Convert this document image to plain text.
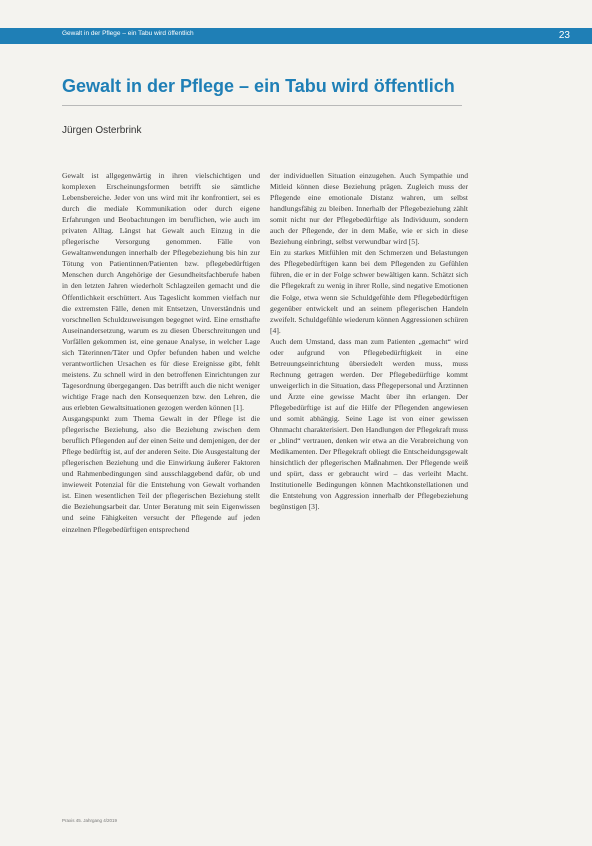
Gewalt in der Pflege – ein Tabu wird öffentlich	23
Gewalt in der Pflege – ein Tabu wird öffentlich
Jürgen Osterbrink

Gewalt ist allgegenwärtig in ihren vielschichtigen und komplexen Erscheinungsformen betrifft sie sämtliche Lebensbereiche. Jeder von uns wird mit ihr konfrontiert, sei es durch die mediale Kommunikation oder durch eigene Erfahrungen und Beobachtungen im beruflichen, wie auch im privaten Alltag. Längst hat Gewalt auch Einzug in die pflegerische Versorgung genommen. Fälle von Gewaltanwendungen innerhalb der Pflegebeziehung bis hin zur Tötung von Patientinnen/Patienten bzw. pflegebedürftigen Menschen durch Angehörige der Gesundheitsfachberufe haben in den letzten Jahren wiederholt Schlagzeilen gemacht und die Öffentlichkeit erschüttert. Aus Tageslicht kommen vielfach nur die extremsten Fälle, denen mit Entsetzen, Unverständnis und vorschnellen Schuldzuweisungen begegnet wird. Eine ernsthafte Auseinandersetzung, warum es zu diesen Überschreitungen und Vorfällen gekommen ist, eine genaue Analyse, in welcher Lage sich Täterinnen/Täter und Opfer befunden haben und welche verantwortlichen Ursachen es für diese Ereignisse gibt, fehlt meistens. Zu schnell wird in den betroffenen Einrichtungen zur Tagesordnung übergegangen. Das betrifft auch die nicht weniger wichtige Frage nach den Konsequenzen bzw. den Lehren, die aus erlebten Gewaltsituationen gezogen werden können [1].

Ausgangspunkt zum Thema Gewalt in der Pflege ist die pflegerische Beziehung, also die Beziehung zwischen dem beruflich Pflegenden auf der einen Seite und demjenigen, der der Pflege bedürftig ist, auf der anderen Seite. Die Ausgestaltung der pflegerischen Beziehung und die Einwirkung äußerer Faktoren und Rahmenbedingungen sind ausschlaggebend dafür, ob und inwieweit Potenzial für die Entstehung von Gewalt vorhanden ist. Einen wesentlichen Teil der pflegerischen Beziehung stellt die Beziehungsarbeit dar. Unter Beratung mit sein Eigenwissen und seine Fähigkeiten versucht der Pflegende auf jeden einzelnen Pflegebedürftigen entsprechend

der individuellen Situation einzugehen. Auch Sympathie und Mitleid können diese Beziehung prägen. Zugleich muss der Pflegende eine emotionale Distanz wahren, um selbst handlungsfähig zu bleiben. Innerhalb der Pflegebeziehung zählt somit nicht nur der Pflegebedürftige als Individuum, sondern auch der Pflegende, der in dem Maße, wie er sich in diese Beziehung einbringt, selbst verwundbar wird [5].

Ein zu starkes Mitfühlen mit den Schmerzen und Belastungen des Pflegebedürftigen kann bei dem Pflegenden zu Gefühlen führen, die er in der Folge schwer bewältigen kann. Schätzt sich die Pflegekraft zu wenig in ihrer Rolle, sind negative Emotionen die Folge, etwa wenn sie Schuldgefühle dem Pflegebedürftigen gegenüber entwickelt und an seinem pflegerischen Handeln zweifelt. Schuldgefühle wiederum können Aggressionen schüren [4].

Auch dem Umstand, dass man zum Patienten „gemacht“ wird oder aufgrund von Pflegebedürftigkeit in eine Betreuungseinrichtung übersiedelt werden muss, muss Rechnung getragen werden. Der Pflegebedürftige kommt unweigerlich in die Situation, dass Pflegepersonal und Ärztinnen und Ärzte eine gewisse Macht über ihn erlangen. Der Pflegebedürftige ist auf die Hilfe der Pflegenden angewiesen und somit abhängig. Seine Lage ist von einer gewissen Ohnmacht charakterisiert. Den Handlungen der Pflegekraft muss er „blind“ vertrauen, denken wir etwa an die Verabreichung von Medikamenten. Der Pflegekraft obliegt die Entscheidungsgewalt hinsichtlich der pflegerischen Maßnahmen. Der Pflegende weiß und spürt, dass er gebraucht wird – das verleiht Macht. Institutionelle Bedingungen können Machtkonstellationen und die Entstehung von Aggression innerhalb der Pflegebeziehung begünstigen [3].

Praxis 45. Jahrgang 4/2019
